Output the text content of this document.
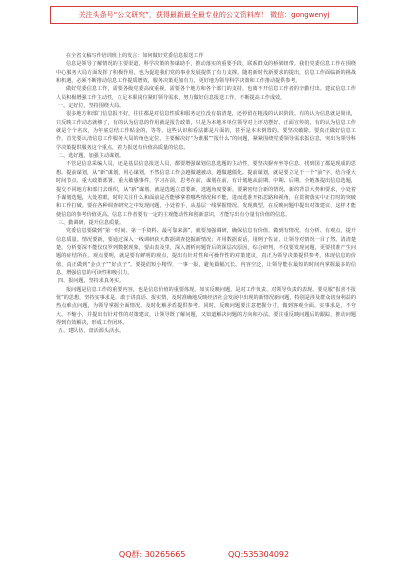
关注头条号“公文研究”，获得最新最全最专业的公文资料库！ 微信：gongwenyj

在全省文稿写作培训班上的发言：如何做好党委信息报送工作

信息是领导了解情况的主要渠道，科学决策的参谋助手，推动落实的重要手段，联系群众的桥梁纽带。我们党委信息工作在围绕中心服务大局方面发挥了积极作用，也为促进我们党的事业发展提供了有力支撑。随着新时代新要求的提出，信息工作面临新的挑战和机遇，必须不断推动信息工作提质增效，服务决策更加有力，更好地为领导科学决策和工作推动提供参考。

做好党委信息工作，需要各级党委高度重视，需要各个地方和各个部门的支持，也离不开信息工作者的辛勤付出。建议信息工作人员积极增强工作主动性，立足本职岗位紧盯领导需求，努力做好信息报送工作，不断提高工作成效。

一、定好位，坚持围绕大局。

很多地方和部门信息报不好，往往都是对信息性质和服务定位没有搞清楚，还停留在粗浅的认识阶段。有的认为信息就是简讯，只反映工作动态就够了，有的认为信息的作用就是报告政策，只是为本地本单位领导对上评功摆好、正面宣传的，有的认为信息工作就是个个名次，为年底总结工作贴金的，等等。这些认识和看法都是片面的，甚至是本末倒置的。要坚决破除。要真正做好信息工作，首先要认清信息工作服务大局的角色定位，主要解决好“为谁服”“报什么”的问题，紧紧围绕党委领导需求报信息，突出为领导科学决策提供服务这个重点，着力报送有价值高质量的信息。

二、选好题，加强主动谋划。

不管是信息采编人员，还是基层信息报送人员，都要增强谋划信息选题的主动性，要坚决摒弃坐等信息，找到国了都是现成的思想。提前谋划，从“新”谋划，用心谋划，不然信息工作会越做越被动，越做越僵化。提前谋划，就是要立足于一个“前”字，结合重大时间节点、重大政策部署、重大敏感事件，学习在前，思考在前，谋划在前，有计划地从前期、中期、后期，全链条提出信息选题，提交不同地方和部门去组织，从“新”谋划，就是选题立意要新，选题角度要新。要紧密结合新的情况，新的背景大势和要求，小处着手谋划选题，大处着眼，时时关注什么和面前是否能够拿着哪些情况和不能，进而选准开拓思路和视角，在贯彻落实中正打时的突破和工作打破。要在各种调查研究之中发现问题，小处着手，从基层一线掌握情况、发现典型，在反映问题中提出对策建议，这样才能使信息的参考价值更高。信息工作者要有一定的主观能动性和创新意识，才能写出有分量有价值的信息。

三、勤调研，提升信息质量。

党委信息要做到“第一时间、第一手资料、最可靠来源”，就要加强调研，确保信息有价值。做到有情况、有分析、有观点，提升信息质量。情况要新，要通过深入一线调研获大数据调查挖掘新情况；并用数据说话，用例子佐证，让领导对情况一目了然。清清楚楚。分析要深不能仅仅罗列数据现象，要由表及里，深入剖析问题背后的深层次原因，综合研判，不仅要发现问题，更要找准产生问题的症结所在。观点要明，就是要有鲜明的观点，提出有针对性和可操作性的对策建议，真正为领导决策提供参考，体现信息的价值，真正做到“金点子”“好点子”。要提倡短小精悍，一事一报，避免篇幅冗长、内容空泛，让领导能在最短的时间内掌握最多的信息，增强信息的可读性和吸引力。

四、报问题，坚持求真务实。

报问题是信息工作的重要内容，也是信息价值的重要体现。如实反映问题，是对工作负责、对领导负责的表现。要克服“报喜不报忧”的思想，坚持实事求是，敢于讲真话、报实情，及时准确地反映经济社会发展中出现的新情况新问题，特别是涉及群众切身利益的热点难点问题，为领导掌握全面情况、及时化解矛盾提供参考。同时，反映问题要注意把握分寸，做到客观全面、实事求是，不夸大、不缩小，并提出有针对性的对策建议，让领导既了解问题，又知道解决问题的方向和办法。要注重反映问题后的跟踪，推动问题得到有效解决，形成工作闭环。

五、建队伍，盘活源头活水。

QQ群: 30265665	QQ:535304092
